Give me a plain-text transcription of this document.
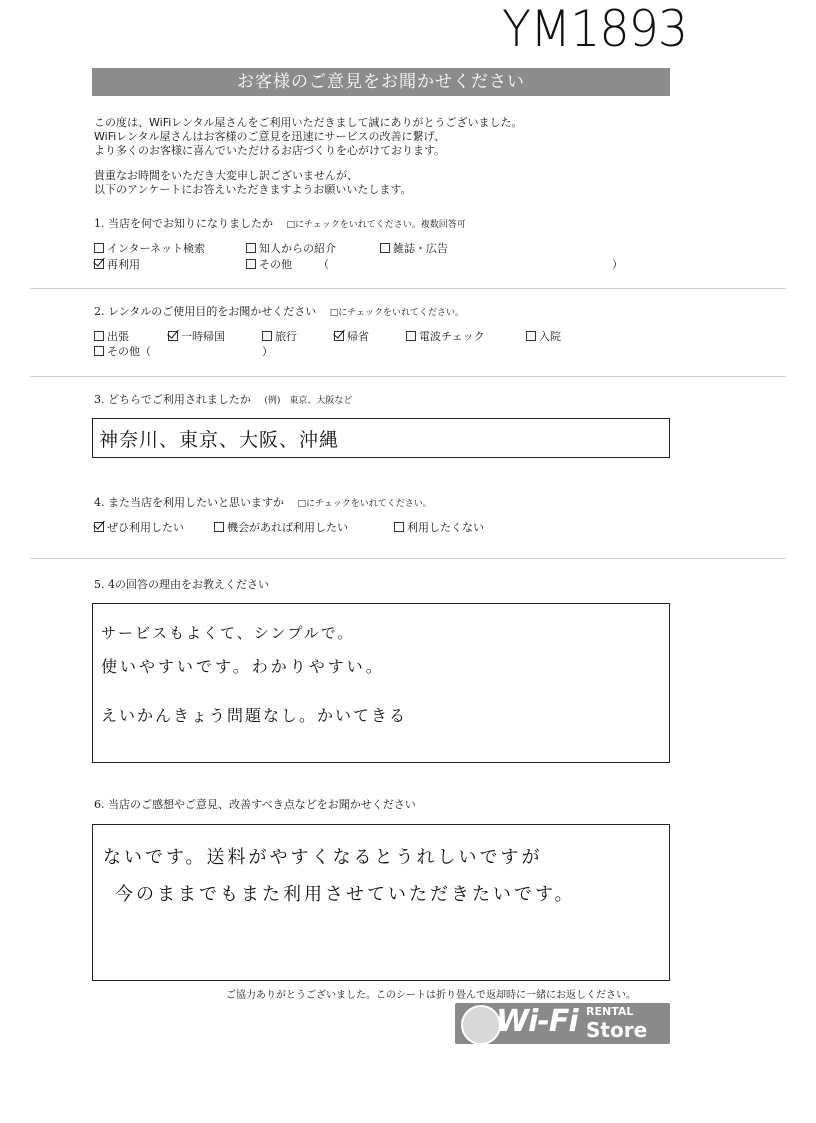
YM1893
お客様のご意見をお聞かせください
この度は、WiFiレンタル屋さんをご利用いただきまして誠にありがとうございました。
WiFiレンタル屋さんはお客様のご意見を迅速にサービスの改善に繋げ、
より多くのお客様に喜んでいただけるお店づくりを心がけております。
貴重なお時間をいただき大変申し訳ございませんが、
以下のアンケートにお答えいただきますようお願いいたします。
1. 当店を何でお知りになりましたか □にチェックをいれてください。複数回答可
インターネット検索	知人からの紹介	雑誌・広告
再利用	その他 （	）
2. レンタルのご使用目的をお聞かせください □にチェックをいれてください。
出張	一時帰国	旅行	帰省	電波チェック	入院
その他（	）
3. どちらでご利用されましたか (例)　東京、大阪など
神奈川、東京、大阪、沖縄
4. また当店を利用したいと思いますか □にチェックをいれてください。
ぜひ利用したい	機会があれば利用したい	利用したくない
5. 4の回答の理由をお教えください
サービスもよくて、シンプルで。
使いやすいです。わかりやすい。
えいかんきょう問題なし。かいてきる
6. 当店のご感想やご意見、改善すべき点などをお聞かせください
ないです。送料がやすくなるとうれしいですが
今のままでもまた利用させていただきたいです。
ご協力ありがとうございました。このシートは折り畳んで返却時に一緒にお返しください。
Wi-Fi RENTAL
Store
